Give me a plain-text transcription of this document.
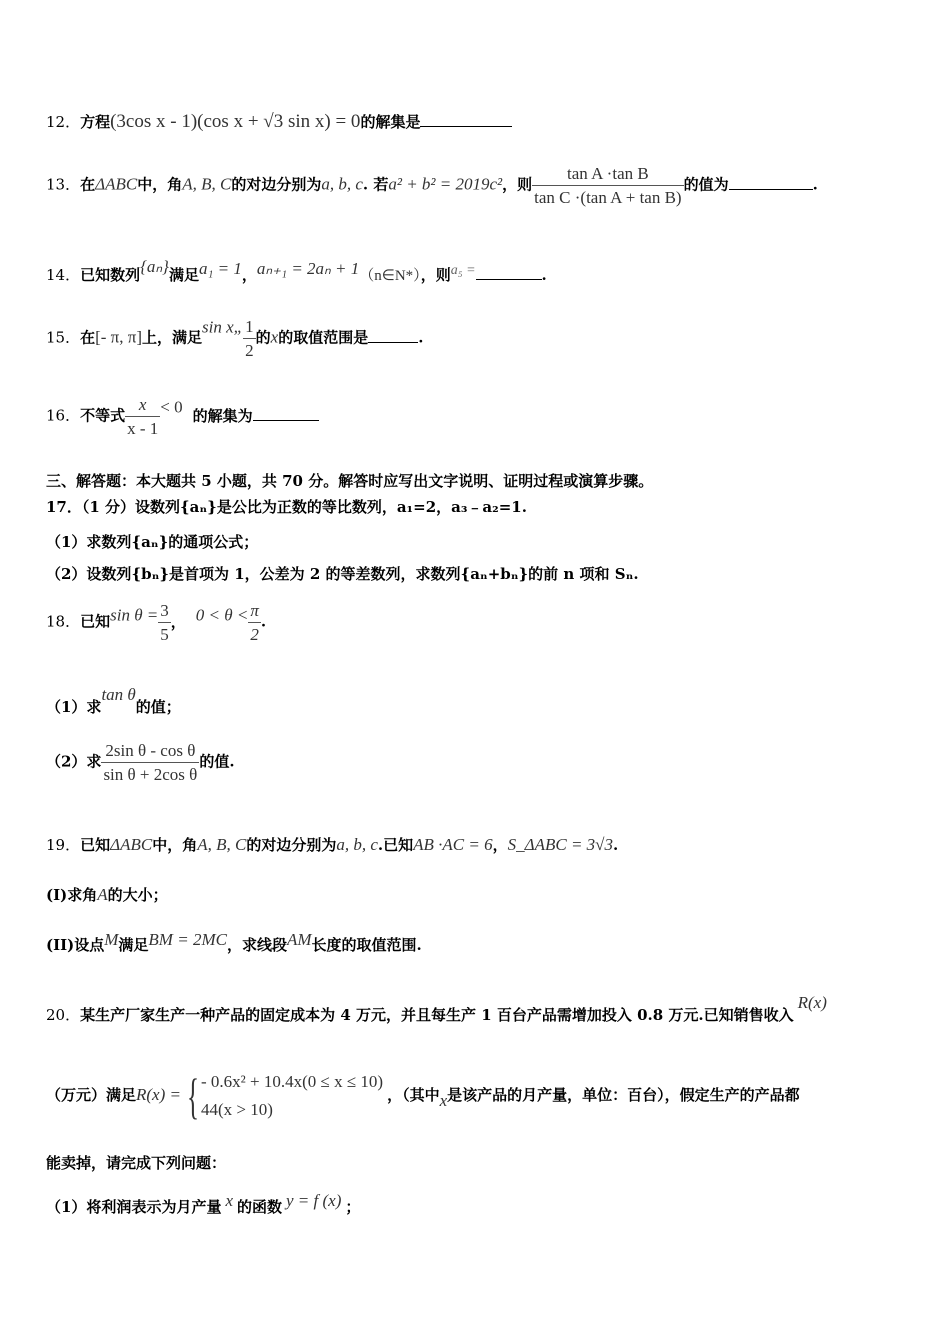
12．方程(3cos x - 1)(cos x + √3 sin x) = 0的解集是
13．在ΔABC中，角A, B, C的对边分别为a, b, c. 若a² + b² = 2019c²，则 $\frac{\text{tan A ·tan B}}{\text{tan C ·(tan A + tan B)}}$ 的值为	.
14．已知数列{aₙ}满足a₁ = 1，aₙ₊₁ = 2aₙ + 1（n∈N*），则a₅ =	.
15．在[- π, π]上，满足sin x„ $\frac{1}{2}$ 的x的取值范围是	.
16．不等式 $\frac{x}{x - 1} < 0$ 的解集为
三、解答题：本大题共 5 小题，共 70 分。解答时应写出文字说明、证明过程或演算步骤。
17．（1 分）设数列{aₙ}是公比为正数的等比数列，a₁=2，a₃﹣a₂=1.
（1）求数列{aₙ}的通项公式；
（2）设数列{bₙ}是首项为 1，公差为 2 的等差数列，求数列{aₙ+bₙ}的前 n 项和 Sₙ.
18．已知$\sin \theta = \frac{3}{5}$ ， $0 < \theta < \frac{\pi}{2}$ .
（1）求tan θ的值；
（2）求 $\frac{\text{2sin θ - cos θ}}{\text{sin θ + 2cos θ}}$ 的值.
19．已知ΔABC中，角A, B, C的对边分别为a, b, c.已知AB ·AC = 6，S_ΔABC = 3√3.
(I)求角A的大小；
(II)设点M满足BM = 2MC，求线段AM长度的取值范围.
20．某生产厂家生产一种产品的固定成本为 4 万元，并且每生产 1 百台产品需增加投入 0.8 万元.已知销售收入R(x)
（万元）满足R(x) = { - 0.6x² + 10.4x(0 ≤ x ≤ 10)
44(x > 10)
，（其中x是该产品的月产量，单位：百台），假定生产的产品都
能卖掉，请完成下列问题：
（1）将利润表示为月产量 x 的函数 y = f (x) ；
